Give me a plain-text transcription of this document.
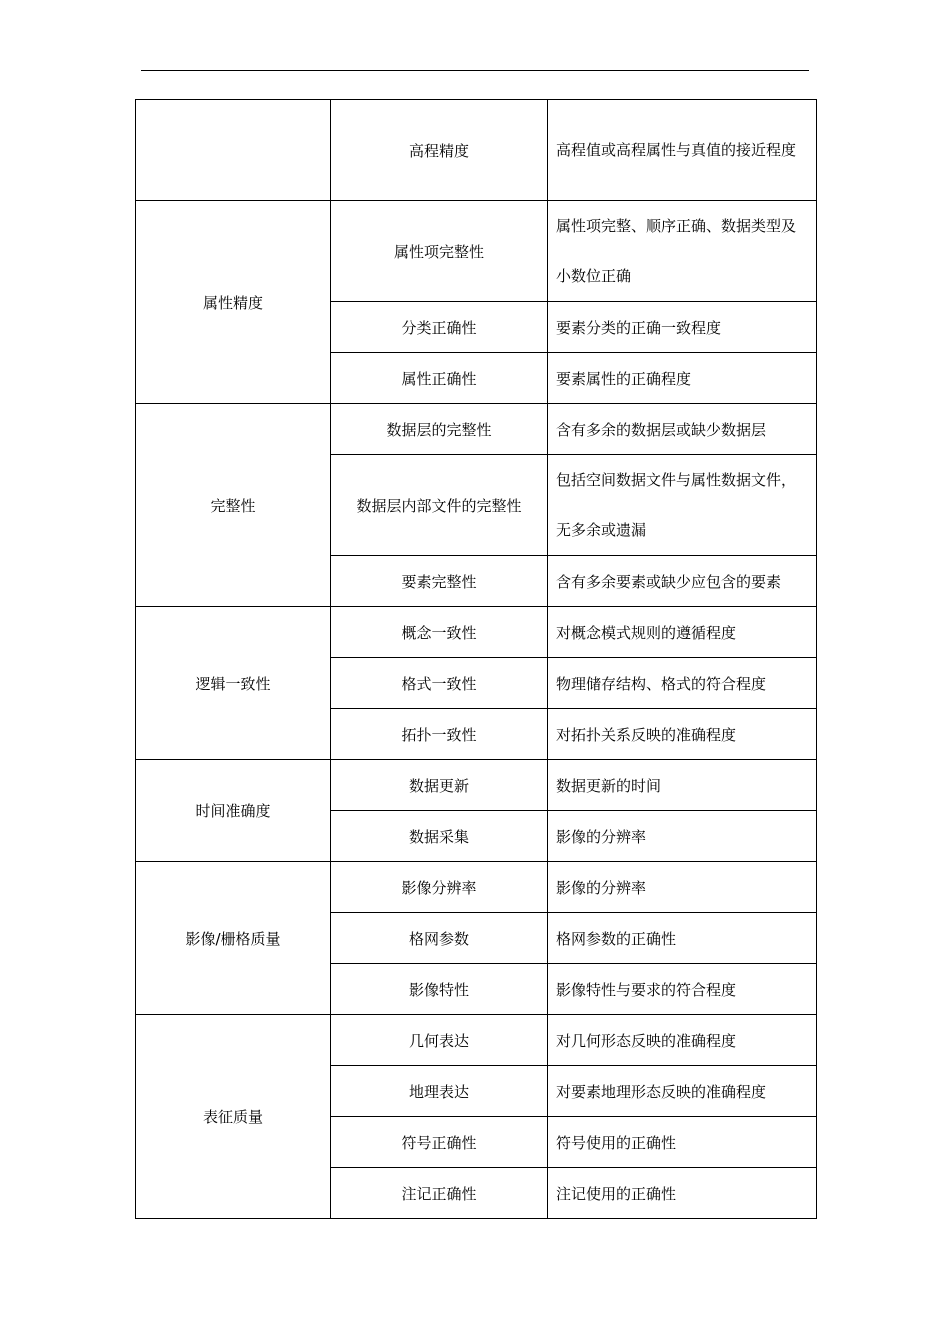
	高程精度	高程值或高程属性与真值的接近程度
属性精度	属性项完整性	属性项完整、顺序正确、数据类型及小数位正确
	分类正确性	要素分类的正确一致程度
	属性正确性	要素属性的正确程度
完整性	数据层的完整性	含有多余的数据层或缺少数据层
	数据层内部文件的完整性	包括空间数据文件与属性数据文件，无多余或遗漏
	要素完整性	含有多余要素或缺少应包含的要素
逻辑一致性	概念一致性	对概念模式规则的遵循程度
	格式一致性	物理储存结构、格式的符合程度
	拓扑一致性	对拓扑关系反映的准确程度
时间准确度	数据更新	数据更新的时间
	数据采集	影像的分辨率
影像/栅格质量	影像分辨率	影像的分辨率
	格网参数	格网参数的正确性
	影像特性	影像特性与要求的符合程度
表征质量	几何表达	对几何形态反映的准确程度
	地理表达	对要素地理形态反映的准确程度
	符号正确性	符号使用的正确性
	注记正确性	注记使用的正确性
